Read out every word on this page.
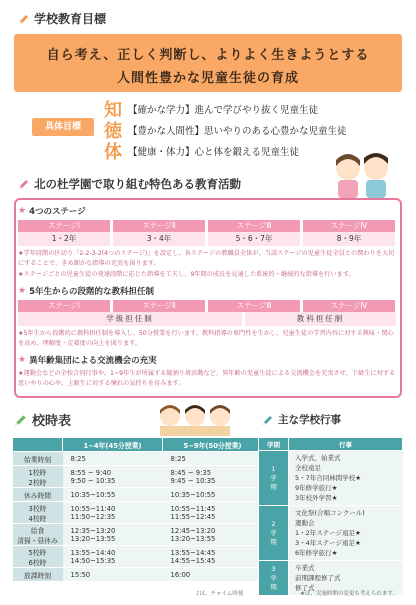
学校教育目標
自ら考え、正しく判断し、よりよく生きようとする
人間性豊かな児童生徒の育成
具体目標
知 【確かな学力】進んで学びやり抜く児童生徒
徳 【豊かな人間性】思いやりのある心豊かな児童生徒
体 【健康・体力】心と体を鍛える児童生徒
北の杜学園で取り組む特色ある教育活動
★ 4つのステージ
ステージⅠ
1・2年
ステージⅡ
3・4年
ステージⅢ
5・6・7年
ステージⅣ
8・9年
★学年段階の区切り「2-2-3-2(4つのステージ)」を設定し、各ステージの教職員全体が、当該ステージの児童生徒全員との関わりを大切にすることで、きめ細かな指導の充実を図ります。
★ステージごとの児童生徒の発達段階に応じた指導を工夫し、9年間の成長を見通した系統的・継続的な指導を行います。
★ 5年生からの段階的な教科担任制
ステージⅠ	ステージⅡ	ステージⅢ	ステージⅣ
学級担任制	教科担任制
★5年生から段階的に教科担任制を導入し、50分授業を行います。教科指導の専門性を生かし、児童生徒の学習内容に対する興味・関心を高め、理解度・定着度の向上を図ります。
★ 異年齢集団による交流機会の充実
★運動会などの全校合同行事や、1~9年生が所属する縦割り班活動など、異年齢の児童生徒による交流機会を充実させ、下級生に対する思いやりの心や、上級生に対する憧れの気持ちを育みます。
校時表
	1~4年(45分授業)	5~9年(50分授業)
始業時刻	8:25	8:25
1校時
2校時	8:55 ~ 9:40
9:50 ~ 10:35	8:45 ~ 9:35
9:45 ~ 10:35
休み時間	10:35~10:55	10:35~10:55
3校時
4校時	10:55~11:40
11:50~12:35	10:55~11:45
11:55~12:45
給食
清掃・昼休み	12:35~13:20
13:20~13:55	12:45~13:20
13:20~13:55
5校時
6校時	13:55~14:40
14:50~15:35	13:55~14:45
14:55~15:45
放課時刻	15:50	16:00
♪は、チャイム時刻
主な学校行事
学期	行事
1
学
期	入学式、始業式
全校遠足
5・7年合同林間学校★
9年修学旅行★
3年校外学習★
2
学
期	文化祭(合唱コンクール)
運動会
1・2年ステージ遠足★
3・4年ステージ遠足★
6年修学旅行★
3
学
期	卒業式
前期課程修了式
修了式
★は、実施時期の変更も考えられます。
